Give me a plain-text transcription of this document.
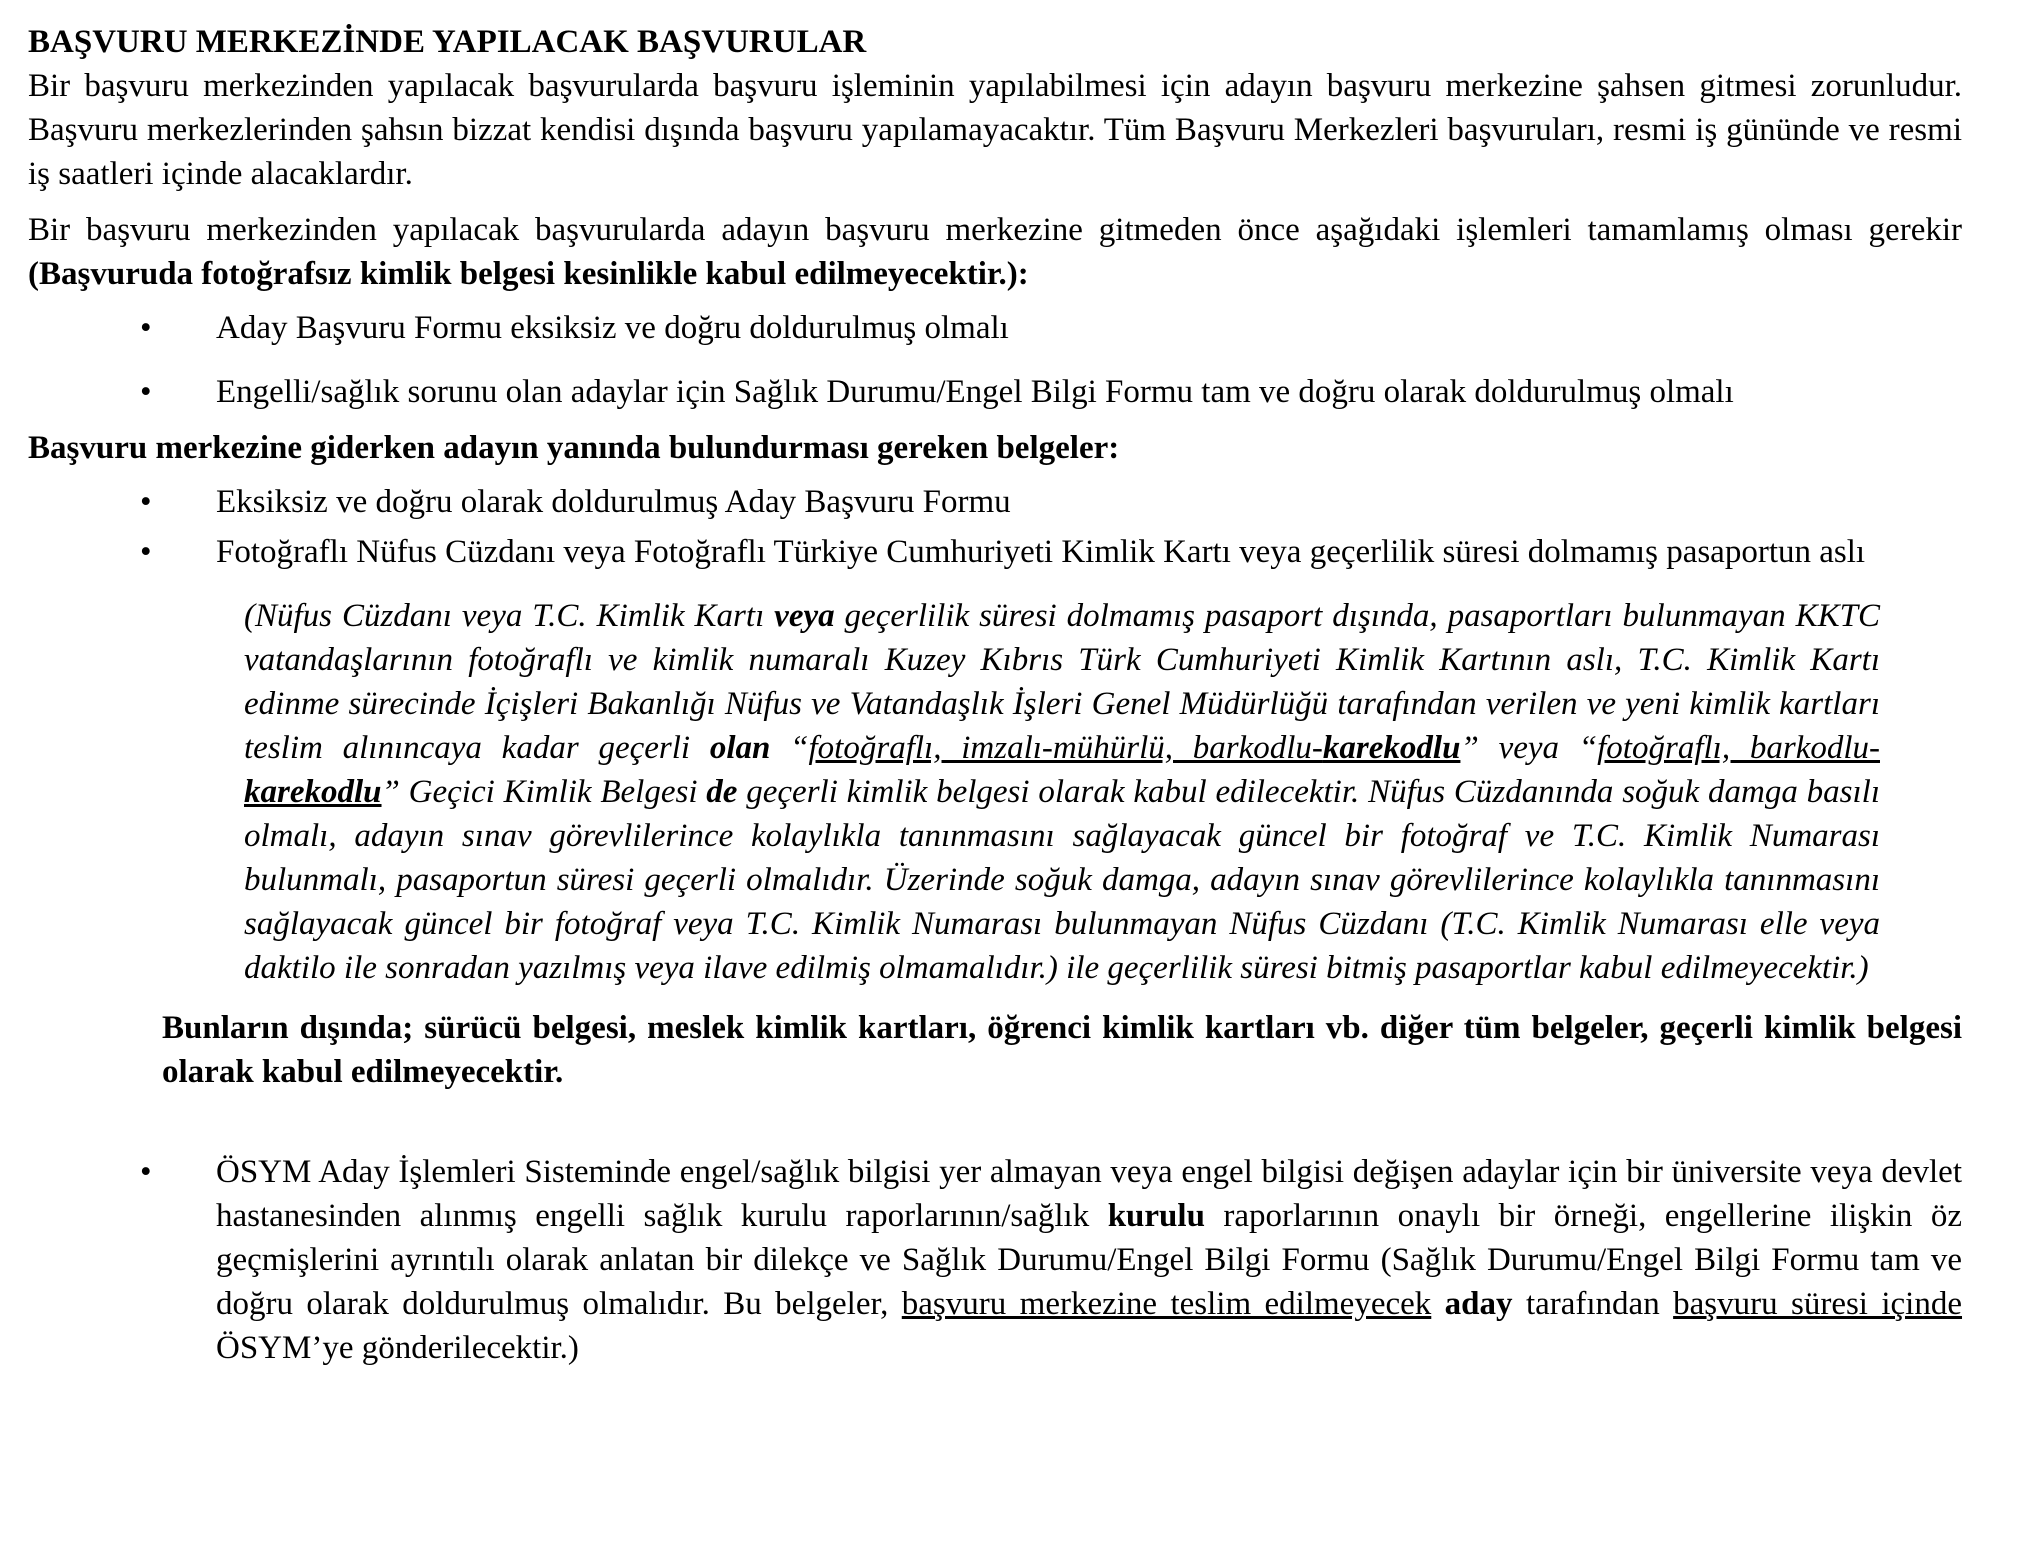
BAŞVURU MERKEZİNDE YAPILACAK BAŞVURULAR

Bir başvuru merkezinden yapılacak başvurularda başvuru işleminin yapılabilmesi için adayın başvuru merkezine şahsen gitmesi zorunludur. Başvuru merkezlerinden şahsın bizzat kendisi dışında başvuru yapılamayacaktır. Tüm Başvuru Merkezleri başvuruları, resmi iş gününde ve resmi iş saatleri içinde alacaklardır.

Bir başvuru merkezinden yapılacak başvurularda adayın başvuru merkezine gitmeden önce aşağıdaki işlemleri tamamlamış olması gerekir (Başvuruda fotoğrafsız kimlik belgesi kesinlikle kabul edilmeyecektir.):

• Aday Başvuru Formu eksiksiz ve doğru doldurulmuş olmalı
• Engelli/sağlık sorunu olan adaylar için Sağlık Durumu/Engel Bilgi Formu tam ve doğru olarak doldurulmuş olmalı
Başvuru merkezine giderken adayın yanında bulundurması gereken belgeler:
• Eksiksiz ve doğru olarak doldurulmuş Aday Başvuru Formu
• Fotoğraflı Nüfus Cüzdanı veya Fotoğraflı Türkiye Cumhuriyeti Kimlik Kartı veya geçerlilik süresi dolmamış pasaportun aslı

(Nüfus Cüzdanı veya T.C. Kimlik Kartı veya geçerlilik süresi dolmamış pasaport dışında, pasaportları bulunmayan KKTC vatandaşlarının fotoğraflı ve kimlik numaralı Kuzey Kıbrıs Türk Cumhuriyeti Kimlik Kartının aslı, T.C. Kimlik Kartı edinme sürecinde İçişleri Bakanlığı Nüfus ve Vatandaşlık İşleri Genel Müdürlüğü tarafından verilen ve yeni kimlik kartları teslim alınıncaya kadar geçerli olan “fotoğraflı, imzalı-mühürlü, barkodlu-karekodlu” veya “fotoğraflı, barkodlu-karekodlu” Geçici Kimlik Belgesi de geçerli kimlik belgesi olarak kabul edilecektir. Nüfus Cüzdanında soğuk damga basılı olmalı, adayın sınav görevlilerince kolaylıkla tanınmasını sağlayacak güncel bir fotoğraf ve T.C. Kimlik Numarası bulunmalı, pasaportun süresi geçerli olmalıdır. Üzerinde soğuk damga, adayın sınav görevlilerince kolaylıkla tanınmasını sağlayacak güncel bir fotoğraf veya T.C. Kimlik Numarası bulunmayan Nüfus Cüzdanı (T.C. Kimlik Numarası elle veya daktilo ile sonradan yazılmış veya ilave edilmiş olmamalıdır.) ile geçerlilik süresi bitmiş pasaportlar kabul edilmeyecektir.)

Bunların dışında; sürücü belgesi, meslek kimlik kartları, öğrenci kimlik kartları vb. diğer tüm belgeler, geçerli kimlik belgesi olarak kabul edilmeyecektir.

• ÖSYM Aday İşlemleri Sisteminde engel/sağlık bilgisi yer almayan veya engel bilgisi değişen adaylar için bir üniversite veya devlet hastanesinden alınmış engelli sağlık kurulu raporlarının/sağlık kurulu raporlarının onaylı bir örneği, engellerine ilişkin öz geçmişlerini ayrıntılı olarak anlatan bir dilekçe ve Sağlık Durumu/Engel Bilgi Formu (Sağlık Durumu/Engel Bilgi Formu tam ve doğru olarak doldurulmuş olmalıdır. Bu belgeler, başvuru merkezine teslim edilmeyecek aday tarafından başvuru süresi içinde ÖSYM’ye gönderilecektir.)
